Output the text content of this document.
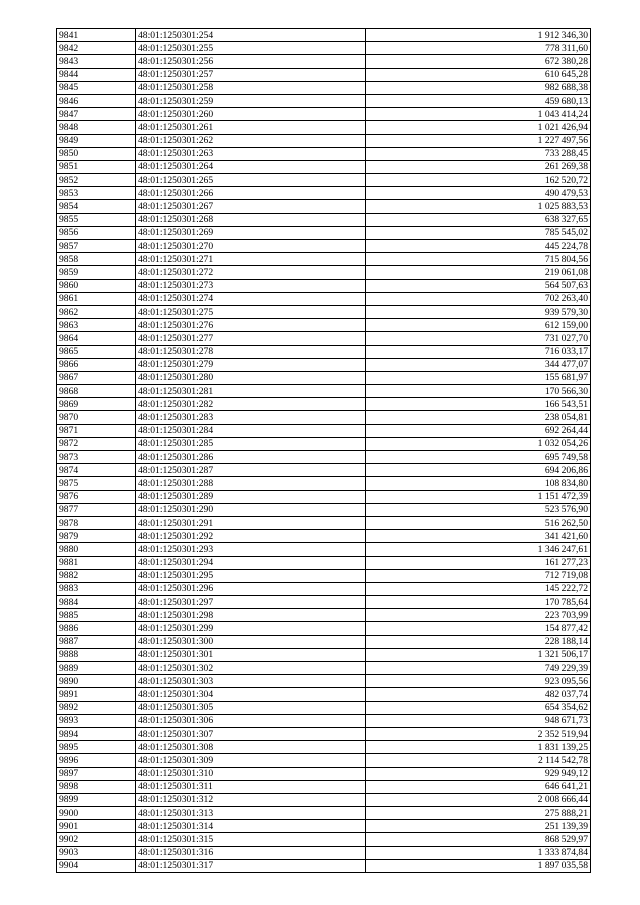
9841	48:01:1250301:254	1 912 346,30
9842	48:01:1250301:255	778 311,60
9843	48:01:1250301:256	672 380,28
9844	48:01:1250301:257	610 645,28
9845	48:01:1250301:258	982 688,38
9846	48:01:1250301:259	459 680,13
9847	48:01:1250301:260	1 043 414,24
9848	48:01:1250301:261	1 021 426,94
9849	48:01:1250301:262	1 227 497,56
9850	48:01:1250301:263	733 288,45
9851	48:01:1250301:264	261 269,38
9852	48:01:1250301:265	162 520,72
9853	48:01:1250301:266	490 479,53
9854	48:01:1250301:267	1 025 883,53
9855	48:01:1250301:268	638 327,65
9856	48:01:1250301:269	785 545,02
9857	48:01:1250301:270	445 224,78
9858	48:01:1250301:271	715 804,56
9859	48:01:1250301:272	219 061,08
9860	48:01:1250301:273	564 507,63
9861	48:01:1250301:274	702 263,40
9862	48:01:1250301:275	939 579,30
9863	48:01:1250301:276	612 159,00
9864	48:01:1250301:277	731 027,70
9865	48:01:1250301:278	716 033,17
9866	48:01:1250301:279	344 477,07
9867	48:01:1250301:280	155 681,97
9868	48:01:1250301:281	170 566,30
9869	48:01:1250301:282	166 543,51
9870	48:01:1250301:283	238 054,81
9871	48:01:1250301:284	692 264,44
9872	48:01:1250301:285	1 032 054,26
9873	48:01:1250301:286	695 749,58
9874	48:01:1250301:287	694 206,86
9875	48:01:1250301:288	108 834,80
9876	48:01:1250301:289	1 151 472,39
9877	48:01:1250301:290	523 576,90
9878	48:01:1250301:291	516 262,50
9879	48:01:1250301:292	341 421,60
9880	48:01:1250301:293	1 346 247,61
9881	48:01:1250301:294	161 277,23
9882	48:01:1250301:295	712 719,08
9883	48:01:1250301:296	145 222,72
9884	48:01:1250301:297	170 785,64
9885	48:01:1250301:298	223 703,99
9886	48:01:1250301:299	154 877,42
9887	48:01:1250301:300	228 188,14
9888	48:01:1250301:301	1 321 506,17
9889	48:01:1250301:302	749 229,39
9890	48:01:1250301:303	923 095,56
9891	48:01:1250301:304	482 037,74
9892	48:01:1250301:305	654 354,62
9893	48:01:1250301:306	948 671,73
9894	48:01:1250301:307	2 352 519,94
9895	48:01:1250301:308	1 831 139,25
9896	48:01:1250301:309	2 114 542,78
9897	48:01:1250301:310	929 949,12
9898	48:01:1250301:311	646 641,21
9899	48:01:1250301:312	2 008 666,44
9900	48:01:1250301:313	275 888,21
9901	48:01:1250301:314	251 139,39
9902	48:01:1250301:315	868 529,97
9903	48:01:1250301:316	1 333 874,84
9904	48:01:1250301:317	1 897 035,58
